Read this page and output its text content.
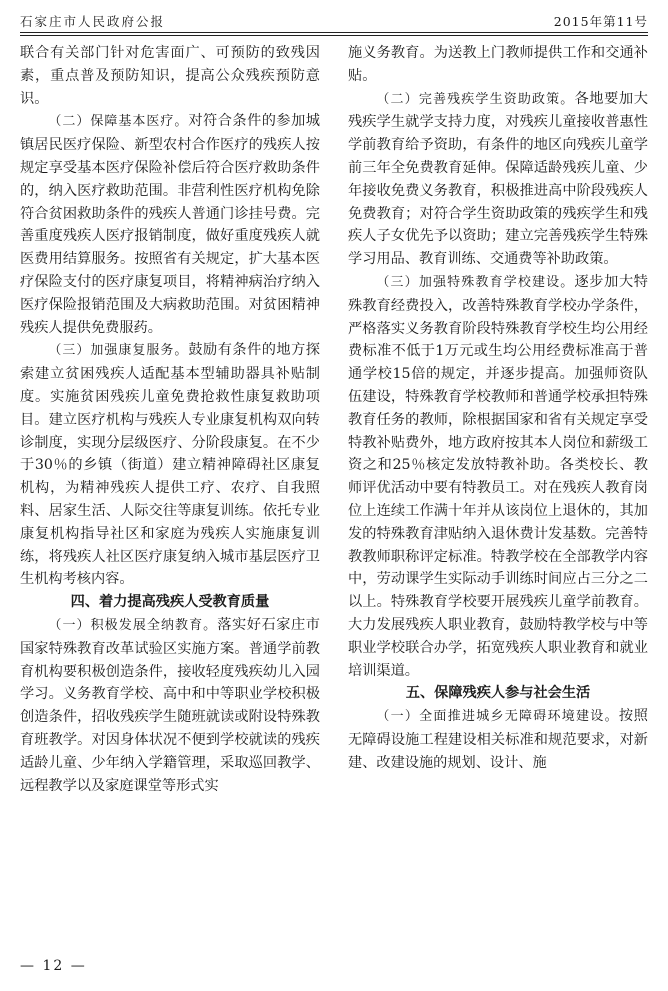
石家庄市人民政府公报	2015年第11号

联合有关部门针对危害面广、可预防的致残因素，重点普及预防知识，提高公众残疾预防意识。

（二）保障基本医疗。对符合条件的参加城镇居民医疗保险、新型农村合作医疗的残疾人按规定享受基本医疗保险补偿后符合医疗救助条件的，纳入医疗救助范围。非营利性医疗机构免除符合贫困救助条件的残疾人普通门诊挂号费。完善重度残疾人医疗报销制度，做好重度残疾人就医费用结算服务。按照省有关规定，扩大基本医疗保险支付的医疗康复项目，将精神病治疗纳入医疗保险报销范围及大病救助范围。对贫困精神残疾人提供免费服药。

（三）加强康复服务。鼓励有条件的地方探索建立贫困残疾人适配基本型辅助器具补贴制度。实施贫困残疾儿童免费抢救性康复救助项目。建立医疗机构与残疾人专业康复机构双向转诊制度，实现分层级医疗、分阶段康复。在不少于30％的乡镇（街道）建立精神障碍社区康复机构，为精神残疾人提供工疗、农疗、自我照料、居家生活、人际交往等康复训练。依托专业康复机构指导社区和家庭为残疾人实施康复训练，将残疾人社区医疗康复纳入城市基层医疗卫生机构考核内容。

四、着力提高残疾人受教育质量

（一）积极发展全纳教育。落实好石家庄市国家特殊教育改革试验区实施方案。普通学前教育机构要积极创造条件，接收轻度残疾幼儿入园学习。义务教育学校、高中和中等职业学校积极创造条件，招收残疾学生随班就读或附设特殊教育班教学。对因身体状况不便到学校就读的残疾适龄儿童、少年纳入学籍管理，采取巡回教学、远程教学以及家庭课堂等形式实

施义务教育。为送教上门教师提供工作和交通补贴。

（二）完善残疾学生资助政策。各地要加大残疾学生就学支持力度，对残疾儿童接收普惠性学前教育给予资助，有条件的地区向残疾儿童学前三年全免费教育延伸。保障适龄残疾儿童、少年接收免费义务教育，积极推进高中阶段残疾人免费教育；对符合学生资助政策的残疾学生和残疾人子女优先予以资助；建立完善残疾学生特殊学习用品、教育训练、交通费等补助政策。

（三）加强特殊教育学校建设。逐步加大特殊教育经费投入，改善特殊教育学校办学条件，严格落实义务教育阶段特殊教育学校生均公用经费标准不低于1万元或生均公用经费标准高于普通学校15倍的规定，并逐步提高。加强师资队伍建设，特殊教育学校教师和普通学校承担特殊教育任务的教师，除根据国家和省有关规定享受特教补贴费外，地方政府按其本人岗位和薪级工资之和25％核定发放特教补助。各类校长、教师评优活动中要有特教员工。对在残疾人教育岗位上连续工作满十年并从该岗位上退休的，其加发的特殊教育津贴纳入退休费计发基数。完善特教教师职称评定标准。特教学校在全部教学内容中，劳动课学生实际动手训练时间应占三分之二以上。特殊教育学校要开展残疾儿童学前教育。大力发展残疾人职业教育，鼓励特教学校与中等职业学校联合办学，拓宽残疾人职业教育和就业培训渠道。

五、保障残疾人参与社会生活

（一）全面推进城乡无障碍环境建设。按照无障碍设施工程建设相关标准和规范要求，对新建、改建设施的规划、设计、施

— 12 —
